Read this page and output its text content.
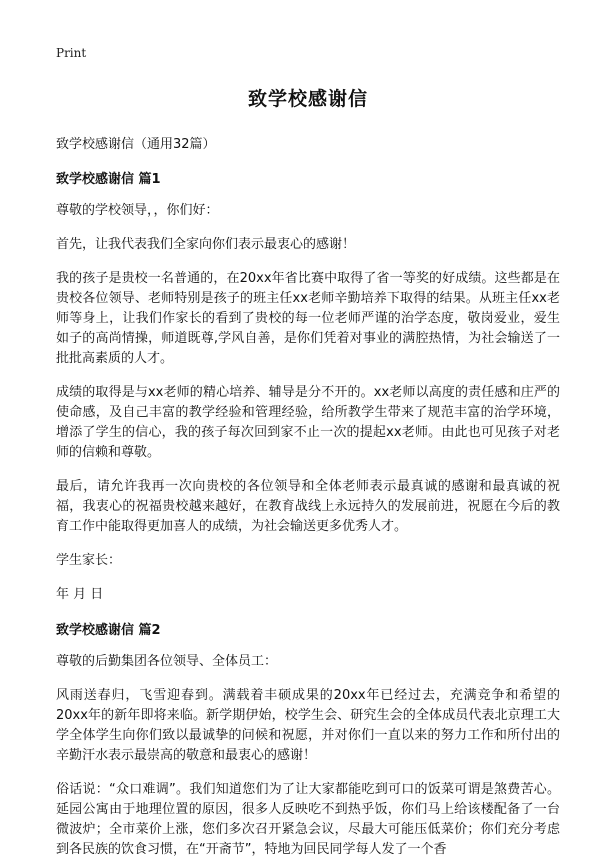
Print
致学校感谢信
致学校感谢信（通用32篇）
致学校感谢信 篇1

尊敬的学校领导，，你们好：

首先，让我代表我们全家向你们表示最衷心的感谢！

我的孩子是贵校一名普通的，在20xx年省比赛中取得了省一等奖的好成绩。这些都是在贵校各位领导、老师特别是孩子的班主任xx老师辛勤培养下取得的结果。从班主任xx老师等身上，让我们作家长的看到了贵校的每一位老师严谨的治学态度，敬岗爱业，爱生如子的高尚情操，师道既尊,学风自善，是你们凭着对事业的满腔热情，为社会输送了一批批高素质的人才。

成绩的取得是与xx老师的精心培养、辅导是分不开的。xx老师以高度的责任感和庄严的使命感，及自己丰富的教学经验和管理经验，给所教学生带来了规范丰富的治学环境，增添了学生的信心，我的孩子每次回到家不止一次的提起xx老师。由此也可见孩子对老师的信赖和尊敬。

最后，请允许我再一次向贵校的各位领导和全体老师表示最真诚的感谢和最真诚的祝福，我衷心的祝福贵校越来越好，在教育战线上永远持久的发展前进，祝愿在今后的教育工作中能取得更加喜人的成绩，为社会输送更多优秀人才。

学生家长：

年 月 日

致学校感谢信 篇2

尊敬的后勤集团各位领导、全体员工：

风雨送春归，飞雪迎春到。满载着丰硕成果的20xx年已经过去，充满竞争和希望的20xx年的新年即将来临。新学期伊始，校学生会、研究生会的全体成员代表北京理工大学全体学生向你们致以最诚挚的问候和祝愿，并对你们一直以来的努力工作和所付出的辛勤汗水表示最崇高的敬意和最衷心的感谢！

俗话说：“众口难调”。我们知道您们为了让大家都能吃到可口的饭菜可谓是煞费苦心。延园公寓由于地理位置的原因，很多人反映吃不到热乎饭，你们马上给该楼配备了一台微波炉；全市菜价上涨，您们多次召开紧急会议，尽最大可能压低菜价；你们充分考虑到各民族的饮食习惯，在“开斋节”，特地为回民同学每人发了一个香
